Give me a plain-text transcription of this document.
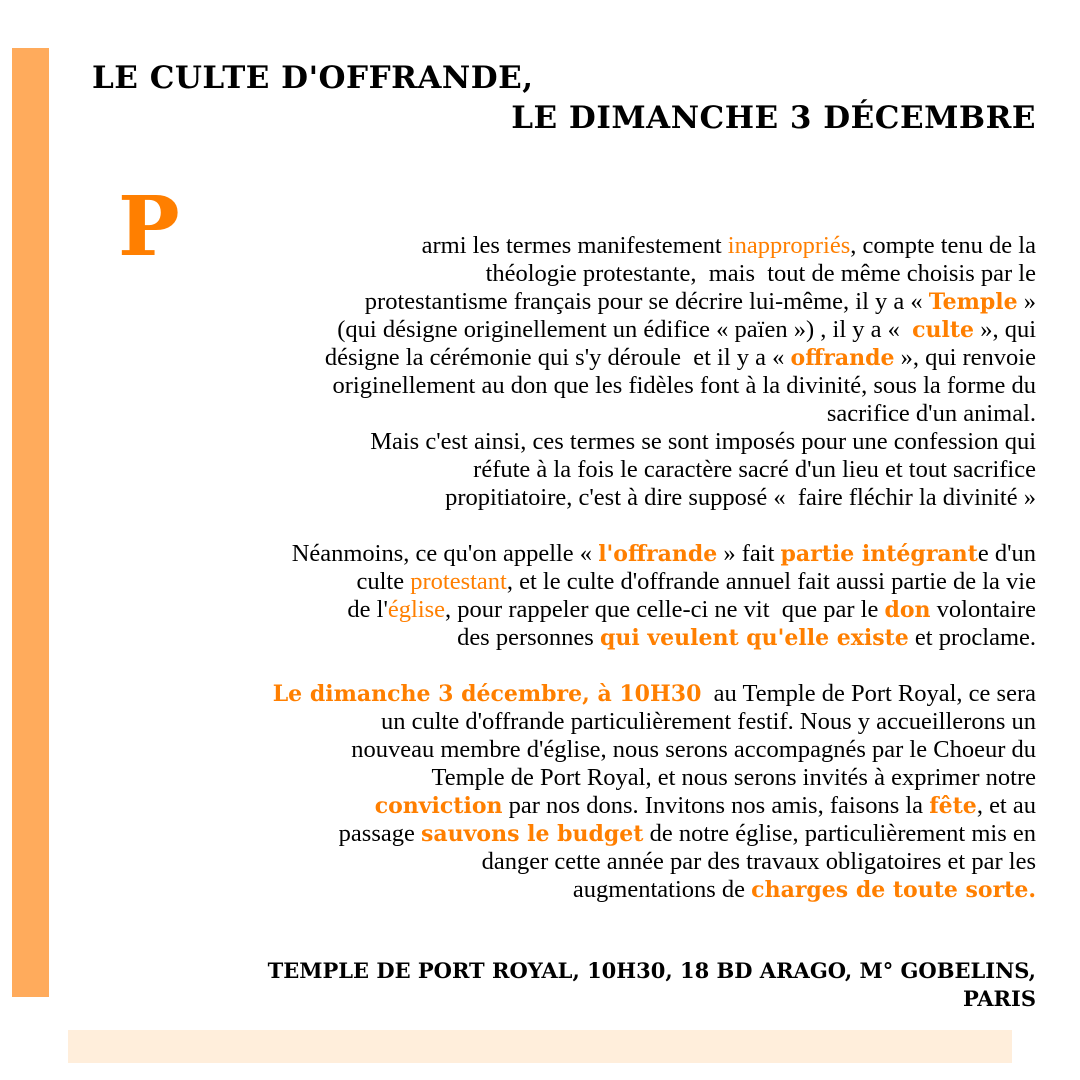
LE CULTE D'OFFRANDE,
LE DIMANCHE 3 DÉCEMBRE
P	armi les termes manifestement inappropriés, compte tenu de la
théologie protestante,  mais  tout de même choisis par le
protestantisme français pour se décrire lui-même, il y a « Temple »
(qui désigne originellement un édifice « païen ») , il y a «  culte », qui
désigne la cérémonie qui s'y déroule  et il y a « offrande », qui renvoie
originellement au don que les fidèles font à la divinité, sous la forme du
sacrifice d'un animal.
Mais c'est ainsi, ces termes se sont imposés pour une confession qui
réfute à la fois le caractère sacré d'un lieu et tout sacrifice
propitiatoire, c'est à dire supposé «  faire fléchir la divinité »
Néanmoins, ce qu'on appelle « l'offrande » fait partie intégrante d'un
culte protestant, et le culte d'offrande annuel fait aussi partie de la vie
de l'église, pour rappeler que celle-ci ne vit  que par le don volontaire
des personnes qui veulent qu'elle existe et proclame.
Le dimanche 3 décembre, à 10H30  au Temple de Port Royal, ce sera
un culte d'offrande particulièrement festif. Nous y accueillerons un
nouveau membre d'église, nous serons accompagnés par le Choeur du
Temple de Port Royal, et nous serons invités à exprimer notre
conviction par nos dons. Invitons nos amis, faisons la fête, et au
passage sauvons le budget de notre église, particulièrement mis en
danger cette année par des travaux obligatoires et par les
augmentations de charges de toute sorte.
TEMPLE DE PORT ROYAL, 10H30, 18 BD ARAGO, M° GOBELINS,
PARIS
